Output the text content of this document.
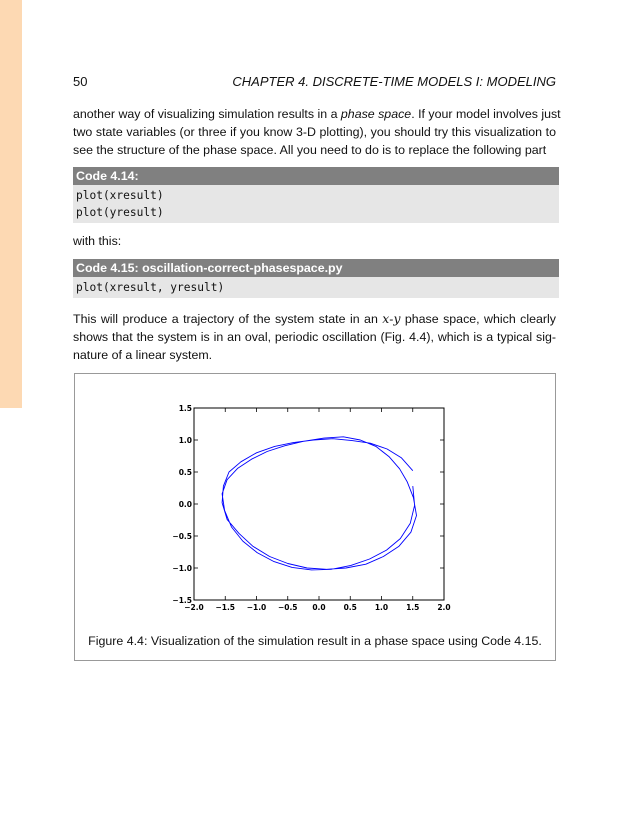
50	CHAPTER 4. DISCRETE-TIME MODELS I: MODELING
another way of visualizing simulation results in a phase space. If your model involves just
two state variables (or three if you know 3-D plotting), you should try this visualization to
see the structure of the phase space. All you need to do is to replace the following part
Code 4.14:
plot(xresult)
plot(yresult)
with this:
Code 4.15: oscillation-correct-phasespace.py
plot(xresult, yresult)
This will produce a trajectory of the system state in an x-y phase space, which clearly
shows that the system is in an oval, periodic oscillation (Fig. 4.4), which is a typical sig-
nature of a linear system.
−2.0 −1.5 −1.0 −0.5 0.0 0.5 1.0 1.5 2.0
−1.5
−1.0
−0.5
0.0
0.5
1.0
1.5
Figure 4.4: Visualization of the simulation result in a phase space using Code 4.15.
